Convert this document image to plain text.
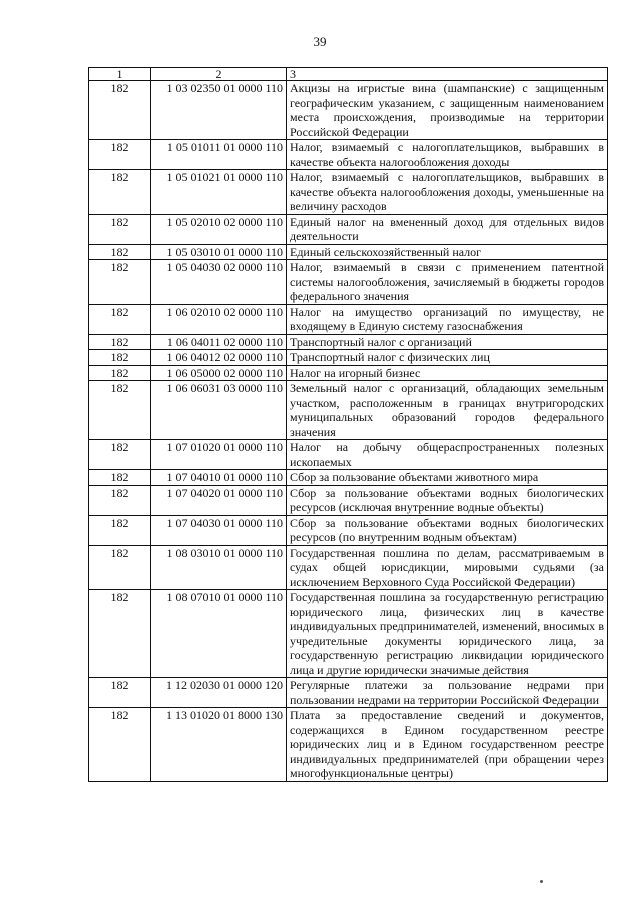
39
1	2	3
182	1 03 02350 01 0000 110	Акцизы на игристые вина (шампанские) с защищенным географическим указанием, с защищенным наименованием места происхождения, производимые на территории Российской Федерации
182	1 05 01011 01 0000 110	Налог, взимаемый с налогоплательщиков, выбравших в качестве объекта налогообложения доходы
182	1 05 01021 01 0000 110	Налог, взимаемый с налогоплательщиков, выбравших в качестве объекта налогообложения доходы, уменьшенные на величину расходов
182	1 05 02010 02 0000 110	Единый налог на вмененный доход для отдельных видов деятельности
182	1 05 03010 01 0000 110	Единый сельскохозяйственный налог
182	1 05 04030 02 0000 110	Налог, взимаемый в связи с применением патентной системы налогообложения, зачисляемый в бюджеты городов федерального значения
182	1 06 02010 02 0000 110	Налог на имущество организаций по имуществу, не входящему в Единую систему газоснабжения
182	1 06 04011 02 0000 110	Транспортный налог с организаций
182	1 06 04012 02 0000 110	Транспортный налог с физических лиц
182	1 06 05000 02 0000 110	Налог на игорный бизнес
182	1 06 06031 03 0000 110	Земельный налог с организаций, обладающих земельным участком, расположенным в границах внутригородских муниципальных образований городов федерального значения
182	1 07 01020 01 0000 110	Налог на добычу общераспространенных полезных ископаемых
182	1 07 04010 01 0000 110	Сбор за пользование объектами животного мира
182	1 07 04020 01 0000 110	Сбор за пользование объектами водных биологических ресурсов (исключая внутренние водные объекты)
182	1 07 04030 01 0000 110	Сбор за пользование объектами водных биологических ресурсов (по внутренним водным объектам)
182	1 08 03010 01 0000 110	Государственная пошлина по делам, рассматриваемым в судах общей юрисдикции, мировыми судьями (за исключением Верховного Суда Российской Федерации)
182	1 08 07010 01 0000 110	Государственная пошлина за государственную регистрацию юридического лица, физических лиц в качестве индивидуальных предпринимателей, изменений, вносимых в учредительные документы юридического лица, за государственную регистрацию ликвидации юридического лица и другие юридически значимые действия
182	1 12 02030 01 0000 120	Регулярные платежи за пользование недрами при пользовании недрами на территории Российской Федерации
182	1 13 01020 01 8000 130	Плата за предоставление сведений и документов, содержащихся в Едином государственном реестре юридических лиц и в Едином государственном реестре индивидуальных предпринимателей (при обращении через многофункциональные центры)
